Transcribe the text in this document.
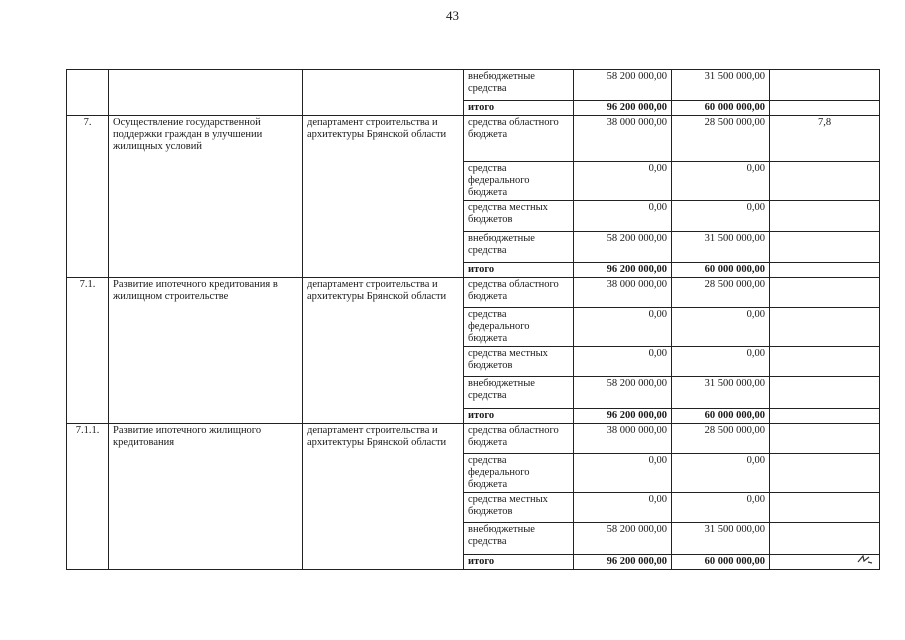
43
			внебюджетные средства	58 200 000,00	31 500 000,00	
			итого	96 200 000,00	60 000 000,00	
7.	Осуществление государственной поддержки граждан в улучшении жилищных условий	департамент строительства и архитектуры Брянской области	средства областного бюджета	38 000 000,00	28 500 000,00	7,8
			средства федерального бюджета	0,00	0,00	
			средства местных бюджетов	0,00	0,00	
			внебюджетные средства	58 200 000,00	31 500 000,00	
			итого	96 200 000,00	60 000 000,00	
7.1.	Развитие ипотечного кредитования в жилищном строительстве	департамент строительства и архитектуры Брянской области	средства областного бюджета	38 000 000,00	28 500 000,00	
			средства федерального бюджета	0,00	0,00	
			средства местных бюджетов	0,00	0,00	
			внебюджетные средства	58 200 000,00	31 500 000,00	
			итого	96 200 000,00	60 000 000,00	
7.1.1.	Развитие ипотечного жилищного кредитования	департамент строительства и архитектуры Брянской области	средства областного бюджета	38 000 000,00	28 500 000,00	
			средства федерального бюджета	0,00	0,00	
			средства местных бюджетов	0,00	0,00	
			внебюджетные средства	58 200 000,00	31 500 000,00	
			итого	96 200 000,00	60 000 000,00	
